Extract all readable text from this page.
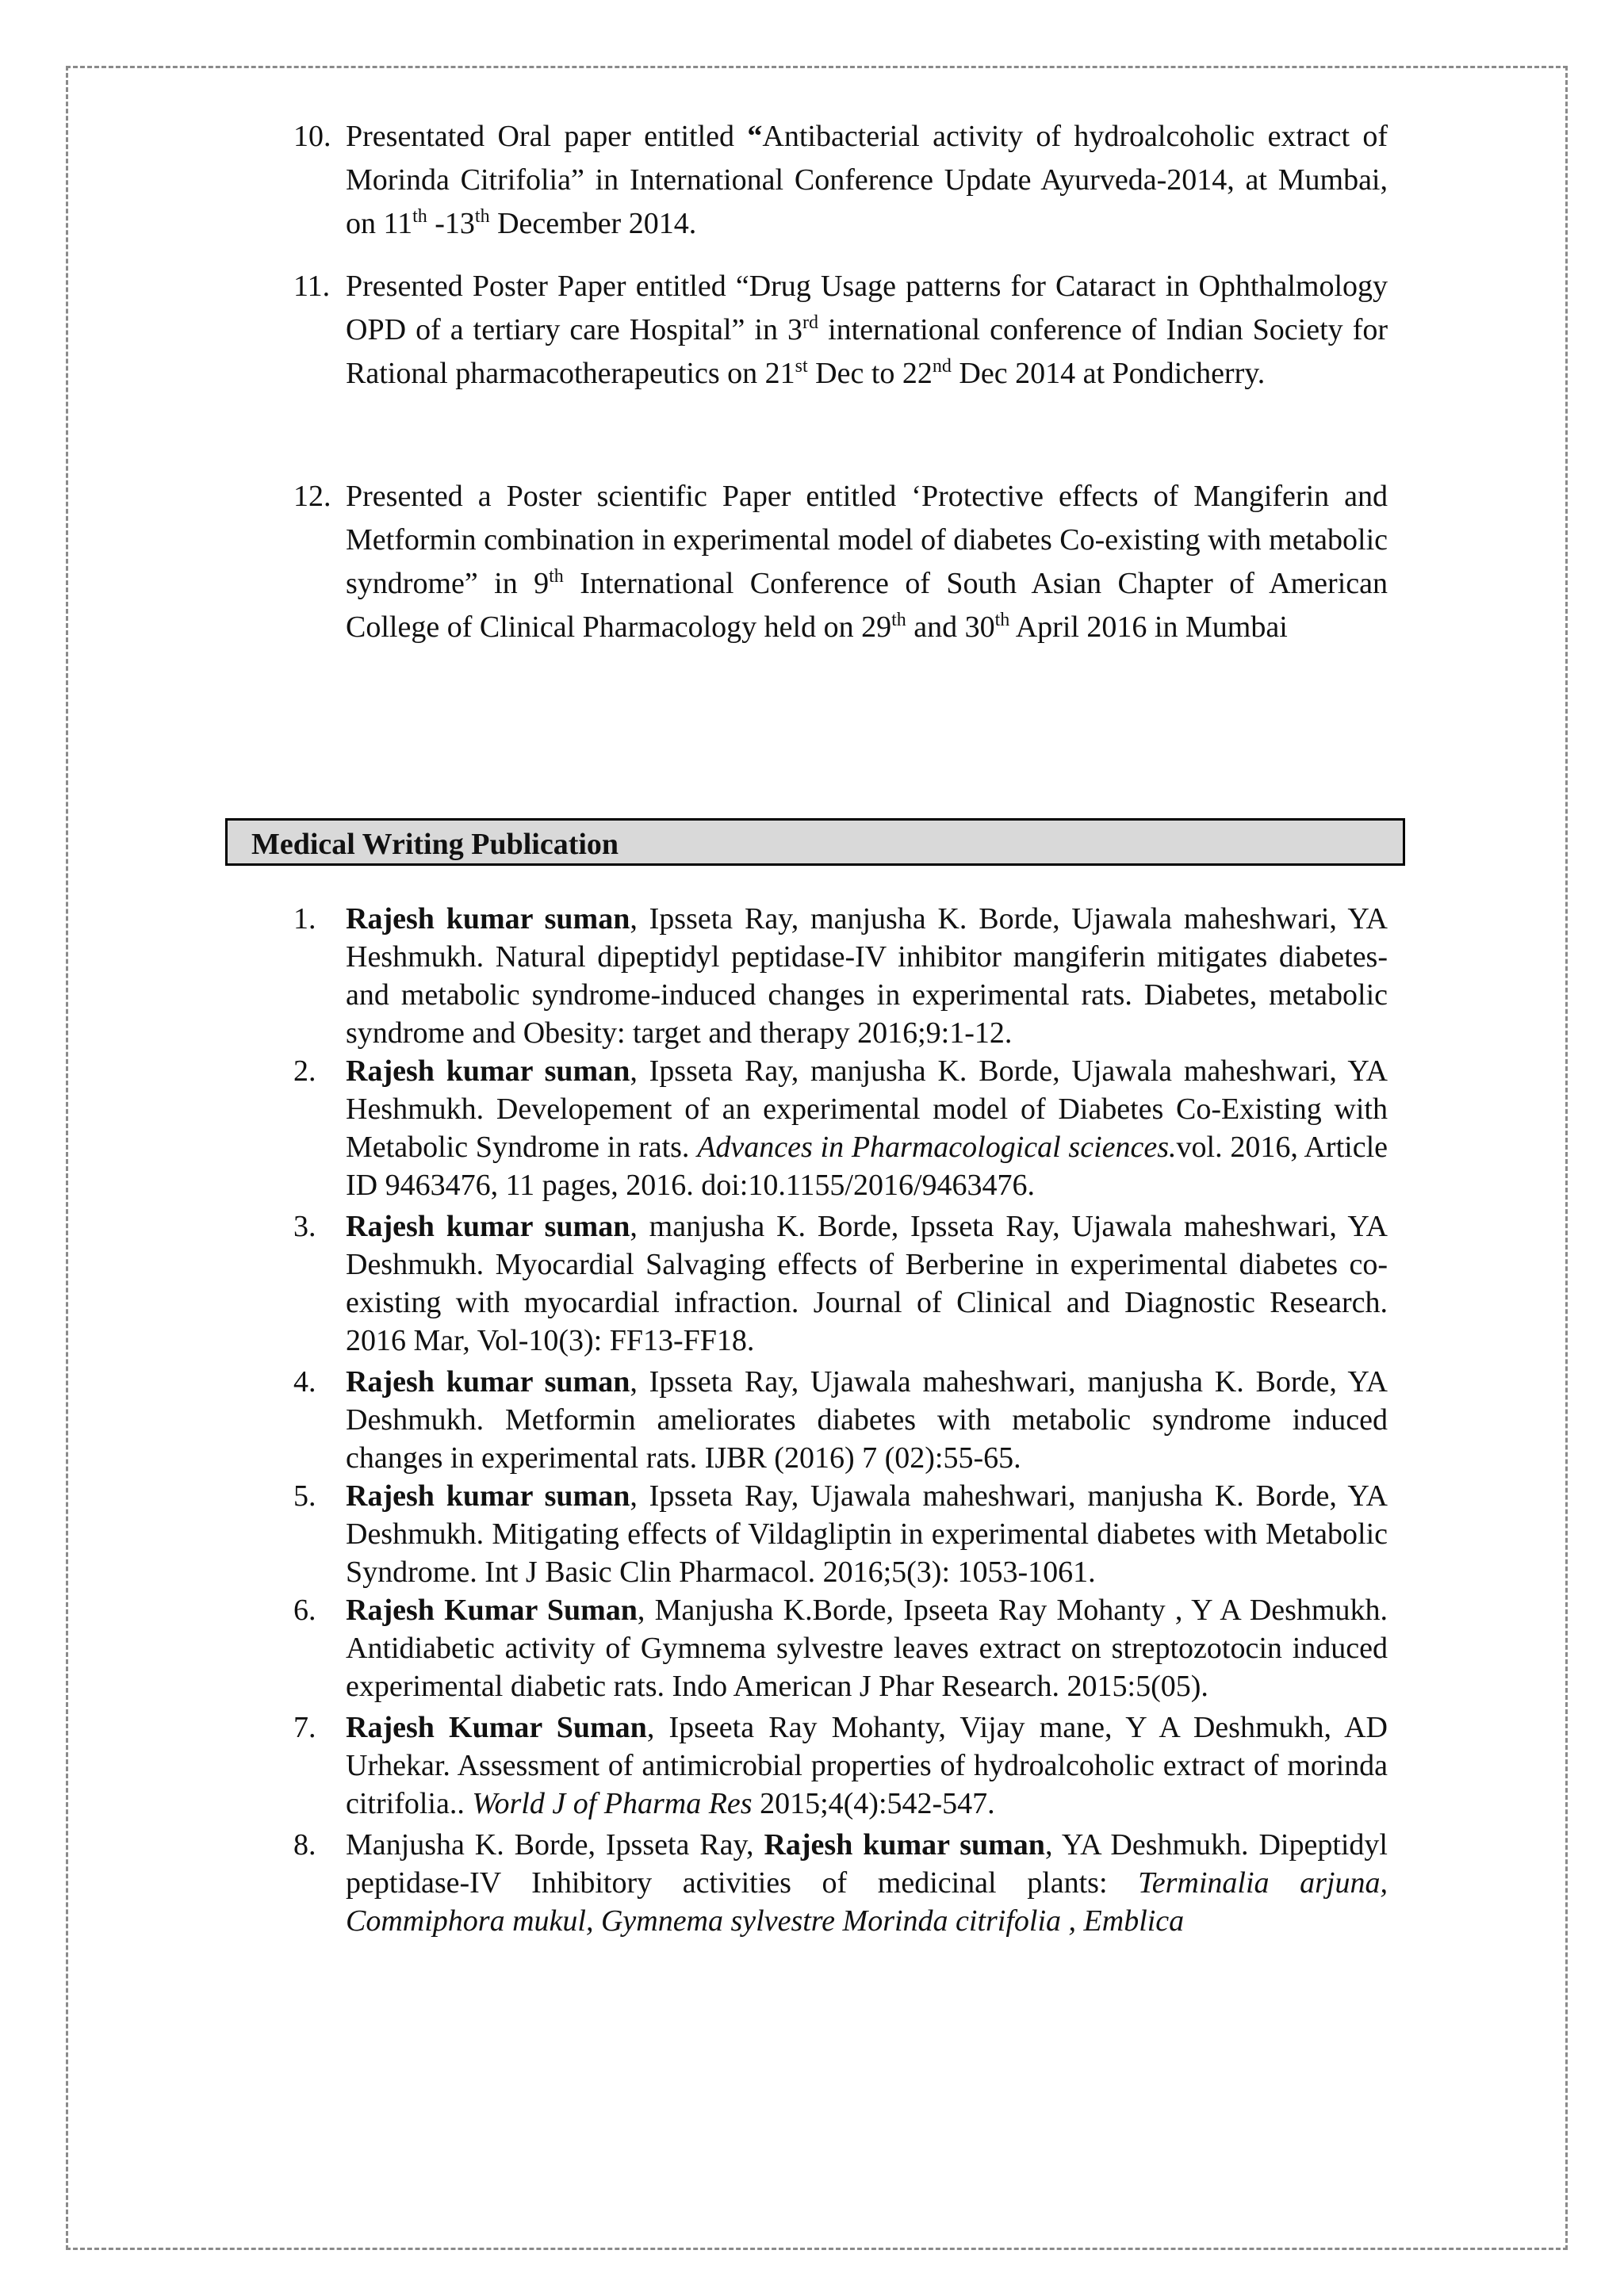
10. Presentated Oral paper entitled “Antibacterial activity of hydroalcoholic extract of Morinda Citrifolia” in International Conference Update Ayurveda-2014, at Mumbai, on 11th -13th December 2014.
11. Presented Poster Paper entitled “Drug Usage patterns for Cataract in Ophthalmology OPD of a tertiary care Hospital” in 3rd international conference of Indian Society for Rational pharmacotherapeutics on 21st Dec to 22nd Dec 2014 at Pondicherry.
12. Presented a Poster scientific Paper entitled ‘Protective effects of Mangiferin and Metformin combination in experimental model of diabetes Co-existing with metabolic syndrome” in 9th International Conference of South Asian Chapter of American College of Clinical Pharmacology held on 29th and 30th April 2016 in Mumbai
Medical Writing Publication
1. Rajesh kumar suman, Ipsseta Ray, manjusha K. Borde, Ujawala maheshwari, YA Heshmukh. Natural dipeptidyl peptidase-IV inhibitor mangiferin mitigates diabetes- and metabolic syndrome-induced changes in experimental rats. Diabetes, metabolic syndrome and Obesity: target and therapy 2016;9:1-12.
2. Rajesh kumar suman, Ipsseta Ray, manjusha K. Borde, Ujawala maheshwari, YA Heshmukh. Developement of an experimental model of Diabetes Co-Existing with Metabolic Syndrome in rats. Advances in Pharmacological sciences.vol. 2016, Article ID 9463476, 11 pages, 2016. doi:10.1155/2016/9463476.
3. Rajesh kumar suman, manjusha K. Borde, Ipsseta Ray, Ujawala maheshwari, YA Deshmukh. Myocardial Salvaging effects of Berberine in experimental diabetes co-existing with myocardial infraction. Journal of Clinical and Diagnostic Research. 2016 Mar, Vol-10(3): FF13-FF18.
4. Rajesh kumar suman, Ipsseta Ray, Ujawala maheshwari, manjusha K. Borde, YA Deshmukh. Metformin ameliorates diabetes with metabolic syndrome induced changes in experimental rats. IJBR (2016) 7 (02):55-65.
5. Rajesh kumar suman, Ipsseta Ray, Ujawala maheshwari, manjusha K. Borde, YA Deshmukh. Mitigating effects of Vildagliptin in experimental diabetes with Metabolic Syndrome. Int J Basic Clin Pharmacol. 2016;5(3): 1053-1061.
6. Rajesh Kumar Suman, Manjusha K.Borde, Ipseeta Ray Mohanty , Y A Deshmukh. Antidiabetic activity of Gymnema sylvestre leaves extract on streptozotocin induced experimental diabetic rats. Indo American J Phar Research. 2015:5(05).
7. Rajesh Kumar Suman, Ipseeta Ray Mohanty, Vijay mane, Y A Deshmukh, AD Urhekar. Assessment of antimicrobial properties of hydroalcoholic extract of morinda citrifolia.. World J of Pharma Res 2015;4(4):542-547.
8. Manjusha K. Borde, Ipsseta Ray, Rajesh kumar suman, YA Deshmukh. Dipeptidyl peptidase-IV Inhibitory activities of medicinal plants: Terminalia arjuna, Commiphora mukul, Gymnema sylvestre Morinda citrifolia , Emblica
